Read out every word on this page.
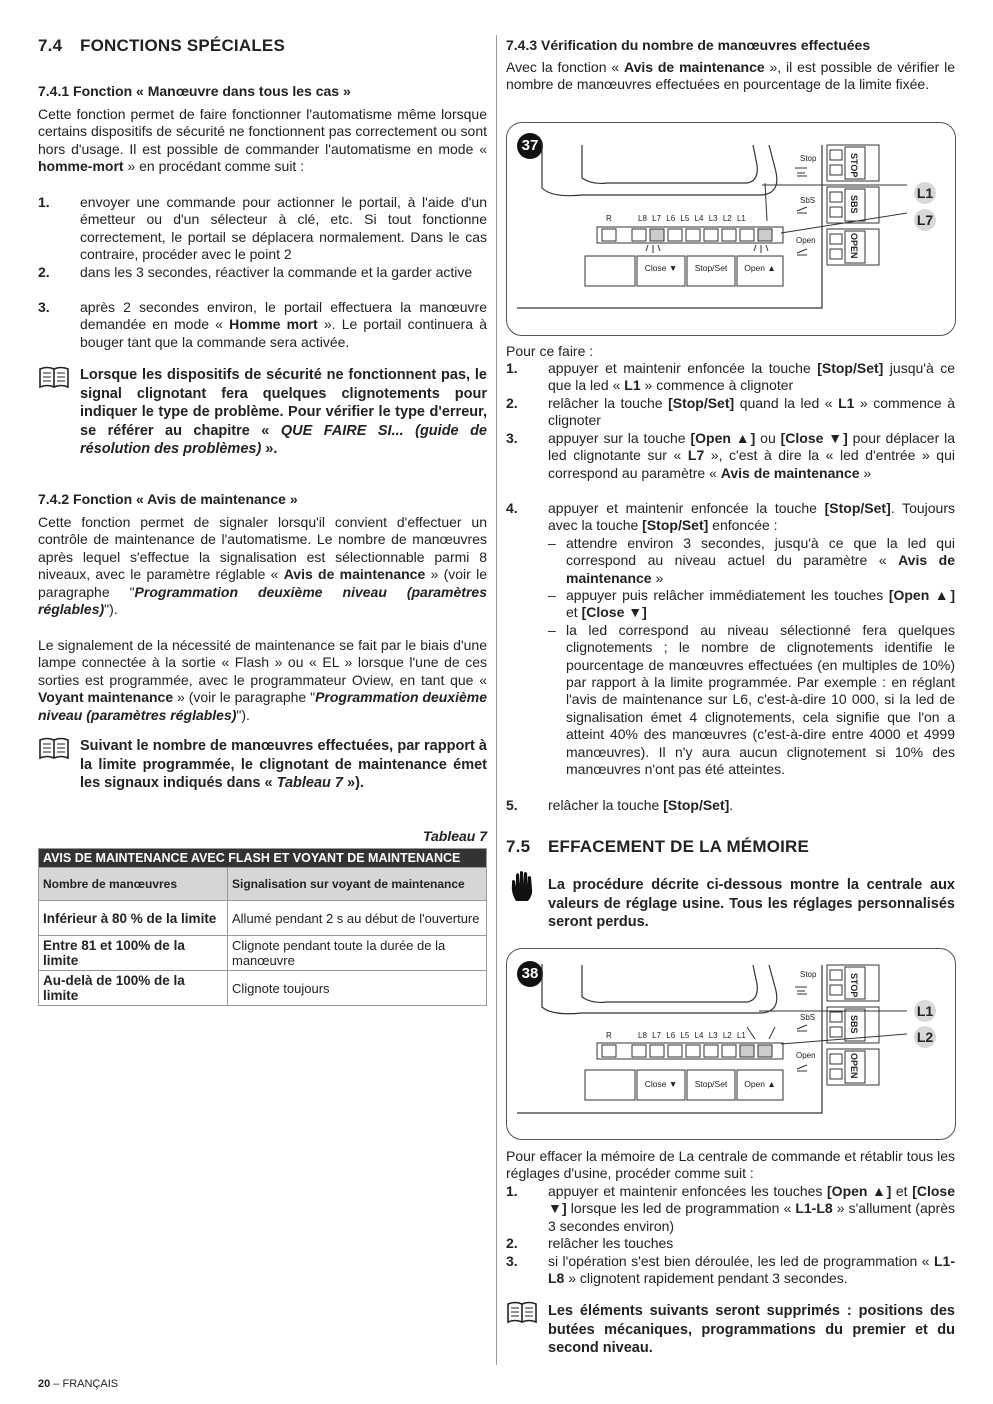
7.4 FONCTIONS SPÉCIALES
7.4.1 Fonction « Manœuvre dans tous les cas »
Cette fonction permet de faire fonctionner l'automatisme même lorsque certains dispositifs de sécurité ne fonctionnent pas correctement ou sont hors d'usage. Il est possible de commander l'automatisme en mode « homme-mort » en procédant comme suit :
1. envoyer une commande pour actionner le portail, à l'aide d'un émetteur ou d'un sélecteur à clé, etc. Si tout fonctionne correctement, le portail se déplacera normalement. Dans le cas contraire, procéder avec le point 2
2. dans les 3 secondes, réactiver la commande et la garder active
3. après 2 secondes environ, le portail effectuera la manœuvre demandée en mode « Homme mort ». Le portail continuera à bouger tant que la commande sera activée.
Lorsque les dispositifs de sécurité ne fonctionnent pas, le signal clignotant fera quelques clignotements pour indiquer le type de problème. Pour vérifier le type d'erreur, se référer au chapitre « QUE FAIRE SI... (guide de résolution des problèmes) ».
7.4.2 Fonction « Avis de maintenance »
Cette fonction permet de signaler lorsqu'il convient d'effectuer un contrôle de maintenance de l'automatisme. Le nombre de manœuvres après lequel s'effectue la signalisation est sélectionnable parmi 8 niveaux, avec le paramètre réglable « Avis de maintenance » (voir le paragraphe "Programmation deuxième niveau (paramètres réglables)").
Le signalement de la nécessité de maintenance se fait par le biais d'une lampe connectée à la sortie « Flash » ou « EL » lorsque l'une de ces sorties est programmée, avec le programmateur Oview, en tant que « Voyant maintenance » (voir le paragraphe "Programmation deuxième niveau (paramètres réglables)").
Suivant le nombre de manœuvres effectuées, par rapport à la limite programmée, le clignotant de maintenance émet les signaux indiqués dans « Tableau 7 »).
Tableau 7
AVIS DE MAINTENANCE AVEC FLASH ET VOYANT DE MAINTENANCE	
Nombre de manœuvres	Signalisation sur voyant de maintenance
Inférieur à 80 % de la limite	Allumé pendant 2 s au début de l'ouverture
Entre 81 et 100% de la limite	Clignote pendant toute la durée de la manœuvre
Au-delà de 100% de la limite	Clignote toujours
7.4.3 Vérification du nombre de manœuvres effectuées
Avec la fonction « Avis de maintenance », il est possible de vérifier le nombre de manœuvres effectuées en pourcentage de la limite fixée.
37
Stop
SbS
Open
STOP
SBS
OPEN
R	L8 L7 L6 L5 L4 L3 L2 L1
Close ▼	Stop/Set	Open ▲
L1
L7
Pour ce faire :
1. appuyer et maintenir enfoncée la touche [Stop/Set] jusqu'à ce que la led « L1 » commence à clignoter
2. relâcher la touche [Stop/Set] quand la led « L1 » commence à clignoter
3. appuyer sur la touche [Open ▲] ou [Close ▼] pour déplacer la led clignotante sur « L7 », c'est à dire la « led d'entrée » qui correspond au paramètre « Avis de maintenance »
4. appuyer et maintenir enfoncée la touche [Stop/Set]. Toujours avec la touche [Stop/Set] enfoncée :
– attendre environ 3 secondes, jusqu'à ce que la led qui correspond au niveau actuel du paramètre « Avis de maintenance »
– appuyer puis relâcher immédiatement les touches [Open ▲] et [Close ▼]
– la led correspond au niveau sélectionné fera quelques clignotements ; le nombre de clignotements identifie le pourcentage de manœuvres effectuées (en multiples de 10%) par rapport à la limite programmée. Par exemple : en réglant l'avis de maintenance sur L6, c'est-à-dire 10 000, si la led de signalisation émet 4 clignotements, cela signifie que l'on a atteint 40% des manœuvres (c'est-à-dire entre 4000 et 4999 manœuvres). Il n'y aura aucun clignotement si 10% des manœuvres n'ont pas été atteintes.
5. relâcher la touche [Stop/Set].
7.5 EFFACEMENT DE LA MÉMOIRE
La procédure décrite ci-dessous montre la centrale aux valeurs de réglage usine. Tous les réglages personnalisés seront perdus.
38	Stop
SbS
Open
STOP
SBS
OPEN
R	L8 L7 L6 L5 L4 L3 L2 L1
Close ▼	Stop/Set	Open ▲
L1
L2
Pour effacer la mémoire de La centrale de commande et rétablir tous les réglages d'usine, procéder comme suit :
1. appuyer et maintenir enfoncées les touches [Open ▲] et [Close ▼] lorsque les led de programmation « L1-L8 » s'allument (après 3 secondes environ)
2. relâcher les touches
3. si l'opération s'est bien déroulée, les led de programmation « L1-L8 » clignotent rapidement pendant 3 secondes.
Les éléments suivants seront supprimés : positions des butées mécaniques, programmations du premier et du second niveau.
20 – FRANÇAIS
